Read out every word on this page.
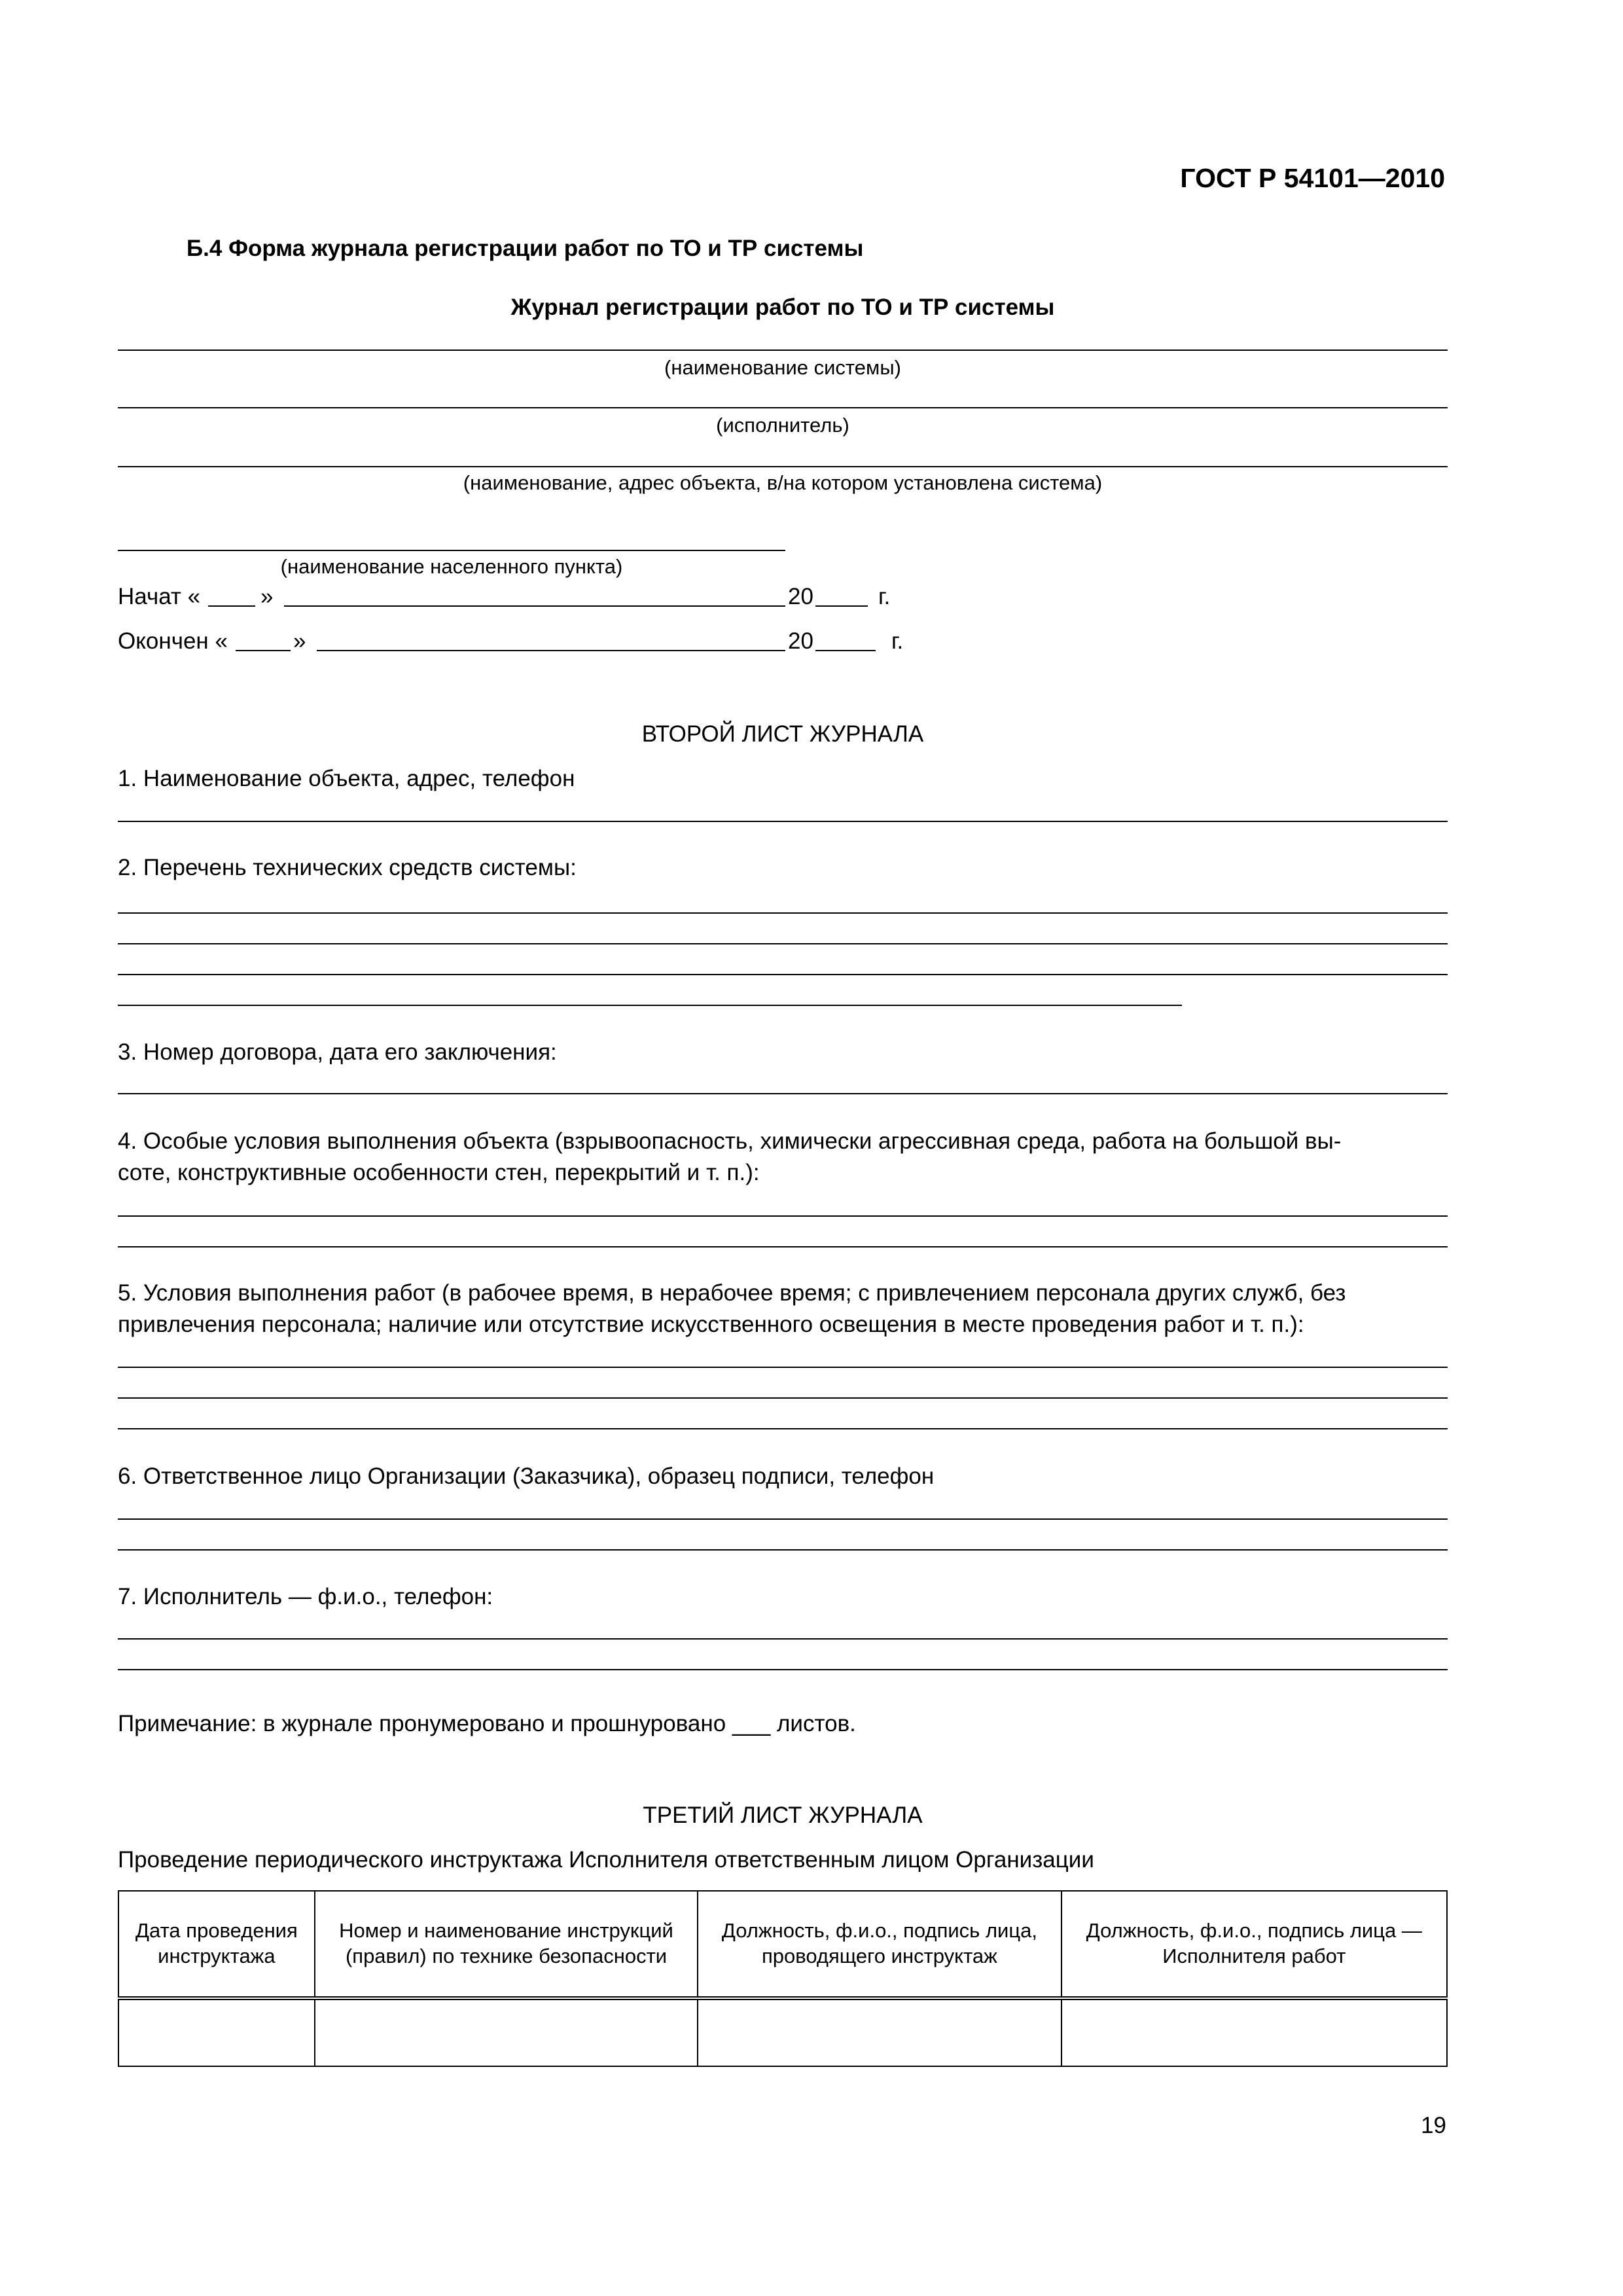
ГОСТ Р 54101—2010
Б.4 Форма журнала регистрации работ по ТО и ТР системы
Журнал регистрации работ по ТО и ТР системы
(наименование системы)
(исполнитель)
(наименование, адрес объекта, в/на котором установлена система)
(наименование населенного пункта)
Начат «	»	20	г.
Окончен «	»	20	г.
ВТОРОЙ ЛИСТ ЖУРНАЛА
1. Наименование объекта, адрес, телефон
2. Перечень технических средств системы:
3. Номер договора, дата его заключения:
4. Особые условия выполнения объекта (взрывоопасность, химически агрессивная среда, работа на большой вы-
соте, конструктивные особенности стен, перекрытий и т. п.):
5. Условия выполнения работ (в рабочее время, в нерабочее время; с привлечением персонала других служб, без
привлечения персонала; наличие или отсутствие искусственного освещения в месте проведения работ и т. п.):
6. Ответственное лицо Организации (Заказчика), образец подписи, телефон
7. Исполнитель — ф.и.о., телефон:
Примечание: в журнале пронумеровано и прошнуровано ___ листов.
ТРЕТИЙ ЛИСТ ЖУРНАЛА
Проведение периодического инструктажа Исполнителя ответственным лицом Организации
Дата проведения инструктажа	Номер и наименование инструкций (правил) по технике безопасности	Должность, ф.и.о., подпись лица, проводящего инструктаж	Должность, ф.и.о., подпись лица — Исполнителя работ

19
